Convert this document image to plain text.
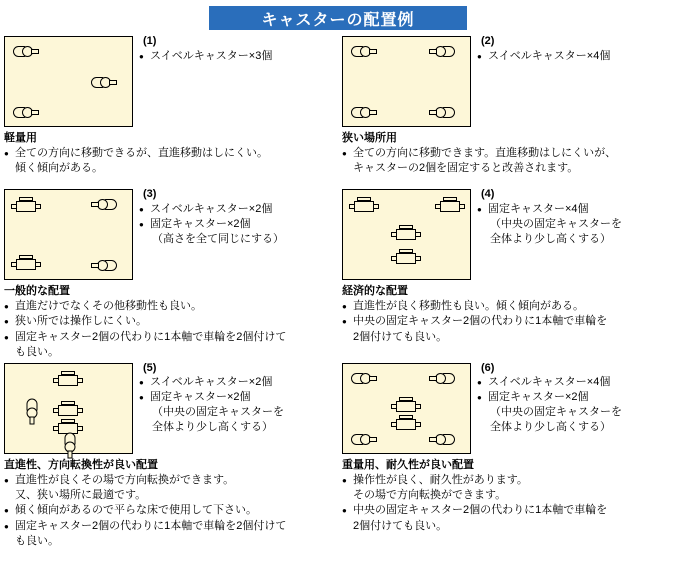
キャスターの配置例
(1)
● スイベルキャスター×3個
軽量用
● 全ての方向に移動できるが、直進移動はしにくい。
傾く傾向がある。
(2)
● スイベルキャスター×4個
狭い場所用
● 全ての方向に移動できます。直進移動はしにくいが、
キャスターの2個を固定すると改善されます。
(3)
● スイベルキャスター×2個
● 固定キャスター×2個
（高さを全て同じにする）
一般的な配置
● 直進だけでなくその他移動性も良い。
● 狭い所では操作しにくい。
● 固定キャスター2個の代わりに1本軸で車輪を2個付けて
も良い。
(4)
● 固定キャスター×4個
（中央の固定キャスターを
全体より少し高くする）
経済的な配置
● 直進性が良く移動性も良い。傾く傾向がある。
● 中央の固定キャスター2個の代わりに1本軸で車輪を
2個付けても良い。
(5)
● スイベルキャスター×2個
● 固定キャスター×2個
（中央の固定キャスターを
全体より少し高くする）
直進性、方向転換性が良い配置
● 直進性が良くその場で方向転換ができます。
又、狭い場所に最適です。
● 傾く傾向があるので平らな床で使用して下さい。
● 固定キャスター2個の代わりに1本軸で車輪を2個付けて
も良い。
(6)
● スイベルキャスター×4個
● 固定キャスター×2個
（中央の固定キャスターを
全体より少し高くする）
重量用、耐久性が良い配置
● 操作性が良く、耐久性があります。
その場で方向転換ができます。
● 中央の固定キャスター2個の代わりに1本軸で車輪を
2個付けても良い。
